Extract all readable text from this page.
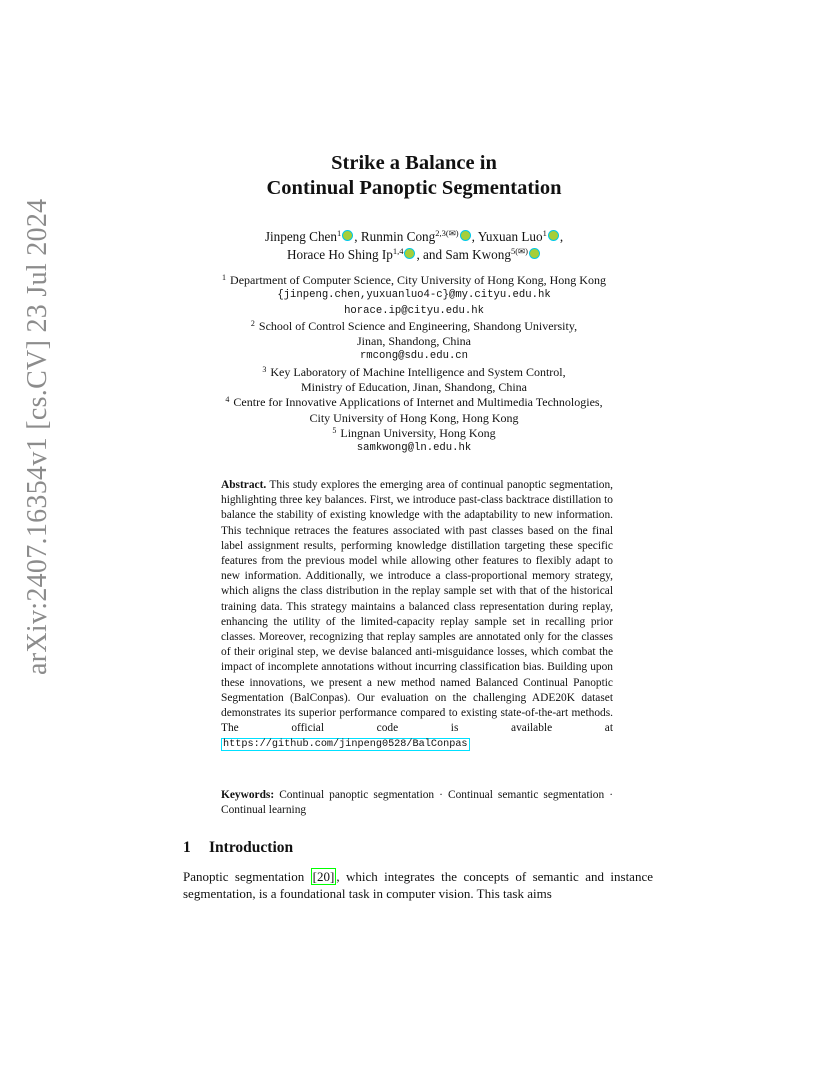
arXiv:2407.16354v1 [cs.CV] 23 Jul 2024
Strike a Balance in
Continual Panoptic Segmentation
Jinpeng Chen$^1$ , Runmin Cong$^{2,3(✉)}$ , Yuxuan Luo$^1$ ,
Horace Ho Shing Ip$^{1,4}$ , and Sam Kwong$^{5(✉)}$
$^1$ Department of Computer Science, City University of Hong Kong, Hong Kong
{jinpeng.chen,yuxuanluo4-c}@my.cityu.edu.hk
horace.ip@cityu.edu.hk
$^2$ School of Control Science and Engineering, Shandong University,
Jinan, Shandong, China
rmcong@sdu.edu.cn
$^3$ Key Laboratory of Machine Intelligence and System Control,
Ministry of Education, Jinan, Shandong, China
$^4$ Centre for Innovative Applications of Internet and Multimedia Technologies,
City University of Hong Kong, Hong Kong
$^5$ Lingnan University, Hong Kong
samkwong@ln.edu.hk

Abstract. This study explores the emerging area of continual panoptic segmentation, highlighting three key balances. First, we introduce past-class backtrace distillation to balance the stability of existing knowledge with the adaptability to new information. This technique retraces the features associated with past classes based on the final label assignment results, performing knowledge distillation targeting these specific features from the previous model while allowing other features to flexibly adapt to new information. Additionally, we introduce a class-proportional memory strategy, which aligns the class distribution in the replay sample set with that of the historical training data. This strategy maintains a balanced class representation during replay, enhancing the utility of the limited-capacity replay sample set in recalling prior classes. Moreover, recognizing that replay samples are annotated only for the classes of their original step, we devise balanced anti-misguidance losses, which combat the impact of incomplete annotations without incurring classification bias. Building upon these innovations, we present a new method named Balanced Continual Panoptic Segmentation (BalConpas). Our evaluation on the challenging ADE20K dataset demonstrates its superior performance compared to existing state-of-the-art methods. The official code is available at https://github.com/jinpeng0528/BalConpas

Keywords: Continual panoptic segmentation · Continual semantic segmentation · Continual learning
1 Introduction

Panoptic segmentation [20] , which integrates the concepts of semantic and instance segmentation, is a foundational task in computer vision. This task aims
